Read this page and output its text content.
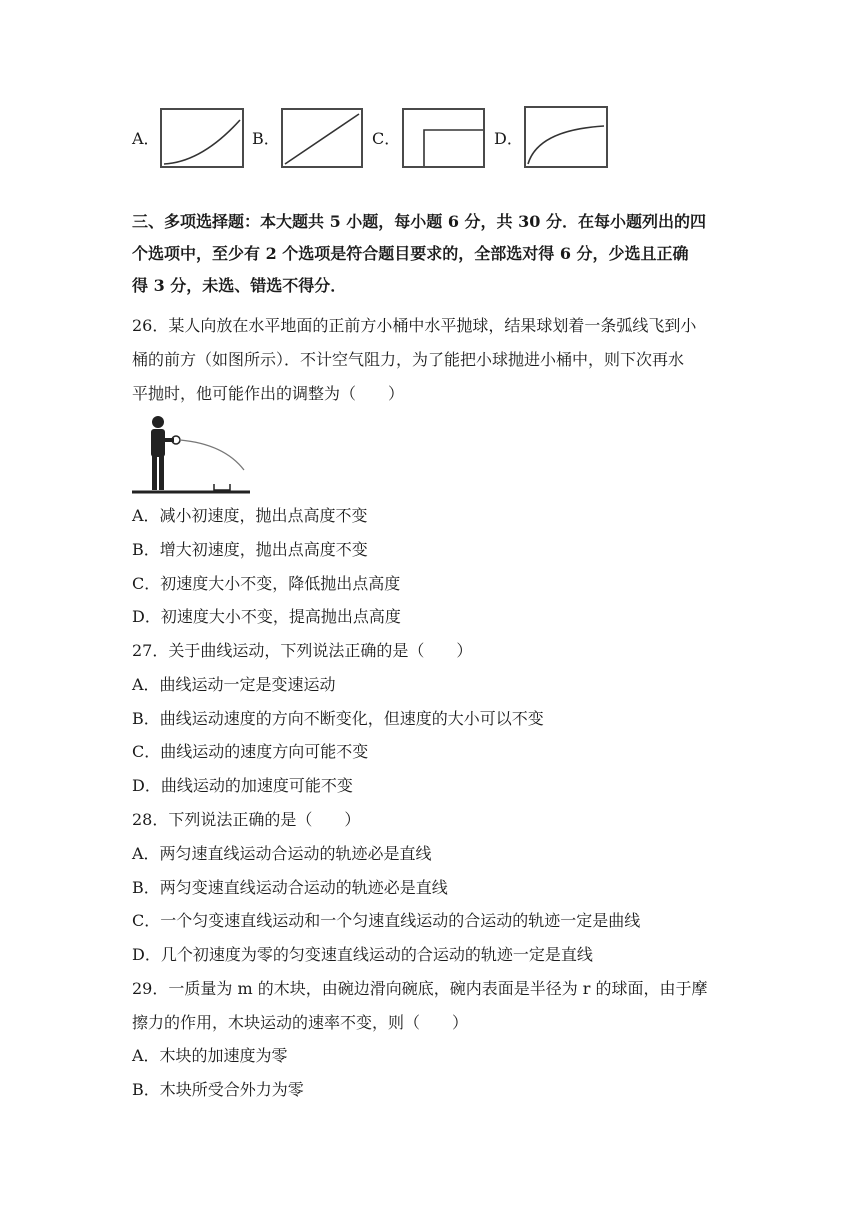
A．	B．	C．	D．
三、多项选择题：本大题共 5 小题，每小题 6 分，共 30 分．在每小题列出的四
个选项中，至少有 2 个选项是符合题目要求的，全部选对得 6 分，少选且正确
得 3 分，未选、错选不得分．
26．某人向放在水平地面的正前方小桶中水平抛球，结果球划着一条弧线飞到小
桶的前方（如图所示）．不计空气阻力，为了能把小球抛进小桶中，则下次再水
平抛时，他可能作出的调整为（　　）
A．减小初速度，抛出点高度不变
B．增大初速度，抛出点高度不变
C．初速度大小不变，降低抛出点高度
D．初速度大小不变，提高抛出点高度
27．关于曲线运动，下列说法正确的是（　　）
A．曲线运动一定是变速运动
B．曲线运动速度的方向不断变化，但速度的大小可以不变
C．曲线运动的速度方向可能不变
D．曲线运动的加速度可能不变
28．下列说法正确的是（　　）
A．两匀速直线运动合运动的轨迹必是直线
B．两匀变速直线运动合运动的轨迹必是直线
C．一个匀变速直线运动和一个匀速直线运动的合运动的轨迹一定是曲线
D．几个初速度为零的匀变速直线运动的合运动的轨迹一定是直线
29．一质量为 m 的木块，由碗边滑向碗底，碗内表面是半径为 r 的球面，由于摩
擦力的作用，木块运动的速率不变，则（　　）
A．木块的加速度为零
B．木块所受合外力为零
